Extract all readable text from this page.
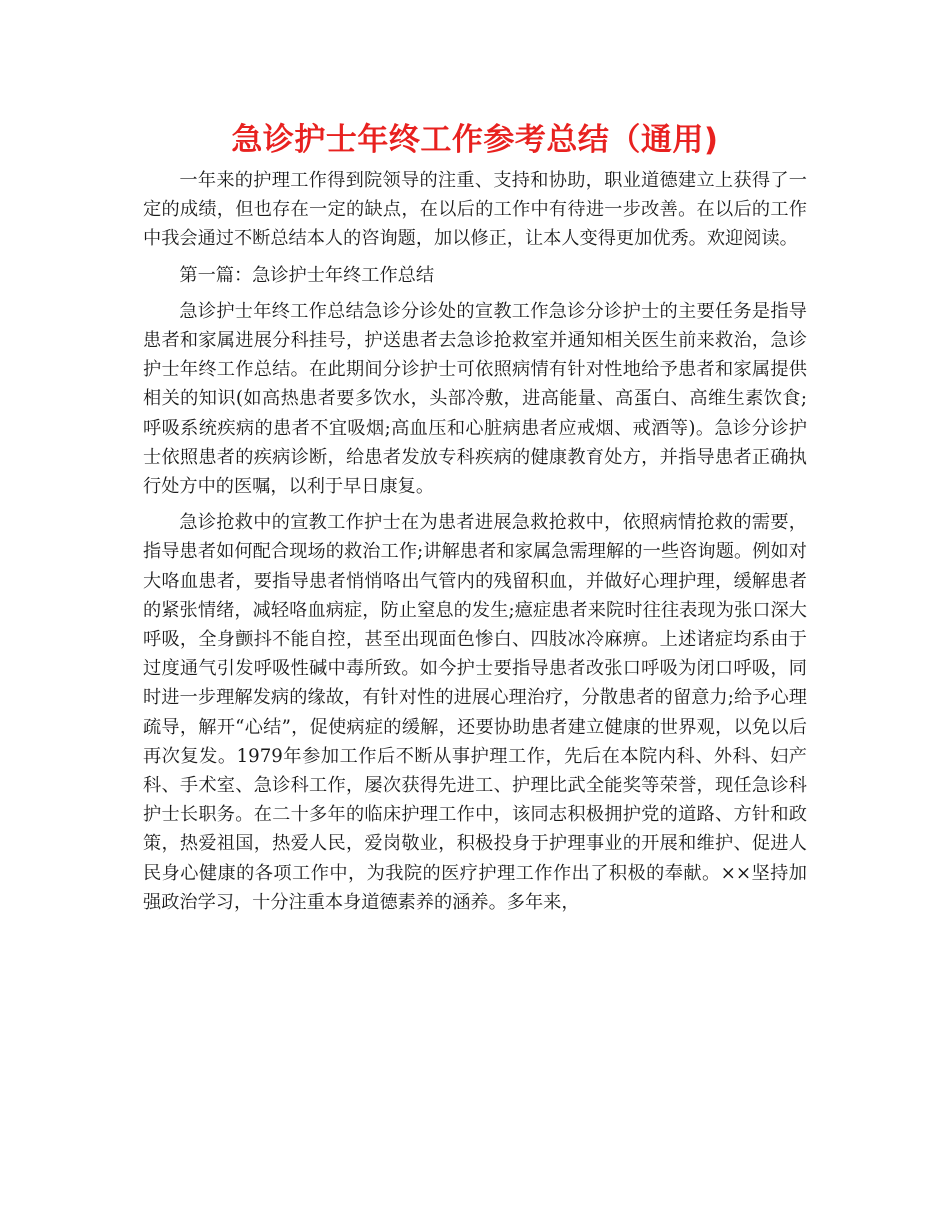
急诊护士年终工作参考总结（通用)

一年来的护理工作得到院领导的注重、支持和协助，职业道德建立上获得了一定的成绩，但也存在一定的缺点，在以后的工作中有待进一步改善。在以后的工作中我会通过不断总结本人的咨询题，加以修正，让本人变得更加优秀。欢迎阅读。

第一篇：急诊护士年终工作总结

急诊护士年终工作总结急诊分诊处的宣教工作急诊分诊护士的主要任务是指导患者和家属进展分科挂号，护送患者去急诊抢救室并通知相关医生前来救治，急诊护士年终工作总结。在此期间分诊护士可依照病情有针对性地给予患者和家属提供相关的知识(如高热患者要多饮水，头部冷敷，进高能量、高蛋白、高维生素饮食;呼吸系统疾病的患者不宜吸烟;高血压和心脏病患者应戒烟、戒酒等)。急诊分诊护士依照患者的疾病诊断，给患者发放专科疾病的健康教育处方，并指导患者正确执行处方中的医嘱，以利于早日康复。

急诊抢救中的宣教工作护士在为患者进展急救抢救中，依照病情抢救的需要，指导患者如何配合现场的救治工作;讲解患者和家属急需理解的一些咨询题。例如对大咯血患者，要指导患者悄悄咯出气管内的残留积血，并做好心理护理，缓解患者的紧张情绪，减轻咯血病症，防止窒息的发生;癔症患者来院时往往表现为张口深大呼吸，全身颤抖不能自控，甚至出现面色惨白、四肢冰冷麻痹。上述诸症均系由于过度通气引发呼吸性碱中毒所致。如今护士要指导患者改张口呼吸为闭口呼吸，同时进一步理解发病的缘故，有针对性的进展心理治疗，分散患者的留意力;给予心理疏导，解开“心结”，促使病症的缓解，还要协助患者建立健康的世界观，以免以后再次复发。1979年参加工作后不断从事护理工作，先后在本院内科、外科、妇产科、手术室、急诊科工作，屡次获得先进工、护理比武全能奖等荣誉，现任急诊科护士长职务。在二十多年的临床护理工作中，该同志积极拥护党的道路、方针和政策，热爱祖国，热爱人民，爱岗敬业，积极投身于护理事业的开展和维护、促进人民身心健康的各项工作中，为我院的医疗护理工作作出了积极的奉献。××坚持加强政治学习，十分注重本身道德素养的涵养。多年来，
